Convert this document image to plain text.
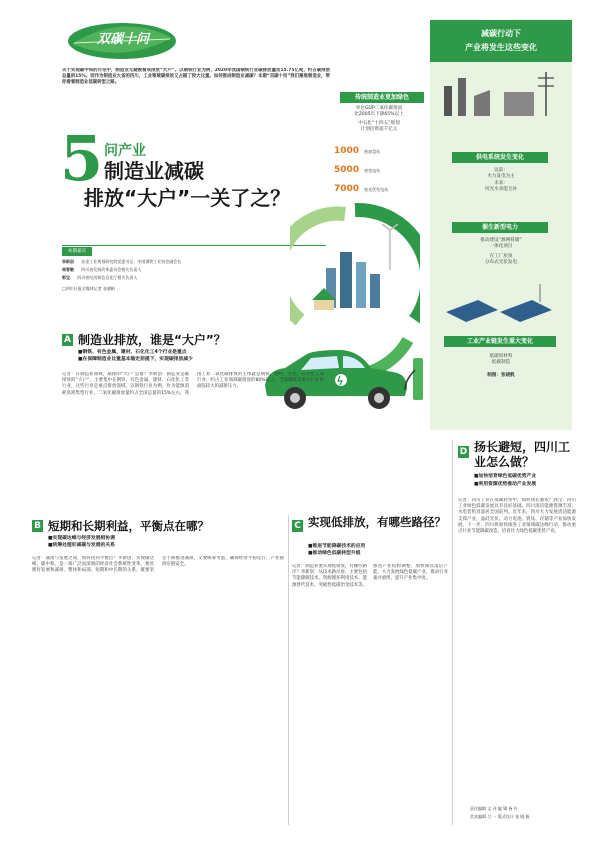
双碳十问
关于实现碳中和的讨论中，制造业无疑被看成排放“大户”。以钢铁行业为例，2020年我国钢铁行业碳排放量达15.75亿吨，约占碳排放总量的15%。而作为制造业大省的四川，工业领域碳排放又占据了较大比重。如何推进制造业减碳？本期“双碳十问”我们聚焦制造业，带你看看制造业低碳转型之路。
5 问产业
制造业减碳
排放“大户”一关了之？
本期嘉宾
李新创 冶金工业规划研究院党委书记、中国钢铁工业协会副会长
周智敏 四川省发展改革委员会相关负责人
郭宝 四川省经济和信息化厅相关负责人
□四川日报全媒体记者 张晓帆
减碳行动下
产业将发生这些变化
传统制造业更加绿色
单位GDP二氧化碳排放
比2005年下降65%以上
中石化“十四五”规划
计划投资超千亿元
1000 座加氢站
5000 座充电站
7000 座光伏发电站
供电系统发生变化
以前：
火力发电为主
未来：
风光水多能互补
催生新型电力
推动建设“源网荷储”
一体化项目
在工厂屋顶
分布式光伏发电
工业产业链发生重大变化
低碳原材料
低碳制造
制图：张晓帆
A 制造业排放，谁是“大户”？
■钢铁、有色金属、建材、石化化工4个行业是重点
■在保障制造业比重基本稳定前提下，实现碳排放减少
记者：在制造业领域，减排的“大户”是谁？李新创：制造业是碳排放的“大户”，主要集中在钢铁、有色金属、建材、石化化工等行业，这些行业是重点排放领域。以钢铁行业为例，作为能源消耗高密集型行业，二氧化碳排放量约占全国总量的15%左右。我国工业二氧化碳排放的主体就是钢铁、建材、有色、石化化工等行业，约占工业领域碳排放的80%以上。当前钢铁等重点行业仍面临较大的减排压力。
D 扬长避短，四川工业怎么做？
■加快培育绿色低碳优势产业
■利用资源优势推动产业发展
记者：四川工业在低碳转型中，如何扬长避短？郭宝：四川工业绿色低碳发展具有良好基础。四川清洁能源资源丰富，水电装机容量居全国前列。近年来，四川大力发展清洁能源支撑产业，晶硅光伏、动力电池、钒钛、存储等产业加快发展。下一步，四川将加快推进工业领域碳达峰行动，推动重点行业节能降碳改造，培育壮大绿色低碳优势产业。
B 短期和长期利益，平衡点在哪？
■实现碳达峰与经济发展相协调
■统筹处理好减碳与发展的关系
记者：减排与发展之间，如何找到平衡点？李新创：实现碳达峰、碳中和，是一场广泛而深刻的经济社会系统性变革。要处理好发展和减排、整体和局部、短期和中长期的关系，既要坚定不移推进减排，又要统筹考虑，确保经济平稳运行、产业链供应链安全。
C 实现低排放，有哪些路径？
■推进节能降碳技术的应用
■推动绿色低碳转型升级
记者：制造业要实现低排放，有哪些路径？李新创：从技术路径看，主要包括节能降碳技术、资源循环利用技术、能源替代技术、突破性低碳冶金技术等。推进产业结构调整，加快淘汰落后产能，大力发展绿色低碳产业，推动行业兼并重组，提升产业集中度。
责任编辑 文 刊 编 辑 杨 丹
美术编辑 吕 一 版式设计 张 晓 帆
